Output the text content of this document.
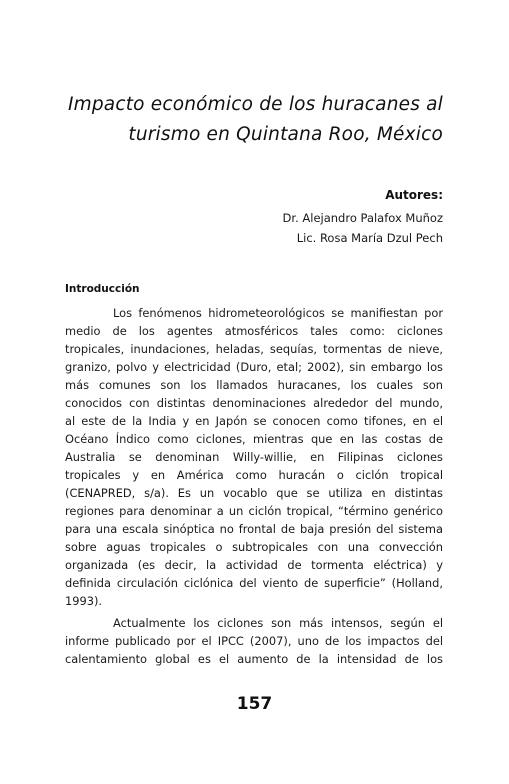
Impacto económico de los huracanes al
turismo en Quintana Roo, México
Autores:
Dr. Alejandro Palafox Muñoz
Lic. Rosa María Dzul Pech
Introducción
Los fenómenos hidrometeorológicos se manifiestan por
medio de los agentes atmosféricos tales como: ciclones
tropicales, inundaciones, heladas, sequías, tormentas de nieve,
granizo, polvo y electricidad (Duro, etal; 2002), sin embargo los
más comunes son los llamados huracanes, los cuales son
conocidos con distintas denominaciones alrededor del mundo,
al este de la India y en Japón se conocen como tifones, en el
Océano Índico como ciclones, mientras que en las costas de
Australia se denominan Willy-willie, en Filipinas ciclones
tropicales y en América como huracán o ciclón tropical
(CENAPRED, s/a). Es un vocablo que se utiliza en distintas
regiones para denominar a un ciclón tropical, “término genérico
para una escala sinóptica no frontal de baja presión del sistema
sobre aguas tropicales o subtropicales con una convección
organizada (es decir, la actividad de tormenta eléctrica) y
definida circulación ciclónica del viento de superficie” (Holland,
1993).
Actualmente los ciclones son más intensos, según el
informe publicado por el IPCC (2007), uno de los impactos del
calentamiento global es el aumento de la intensidad de los
157
